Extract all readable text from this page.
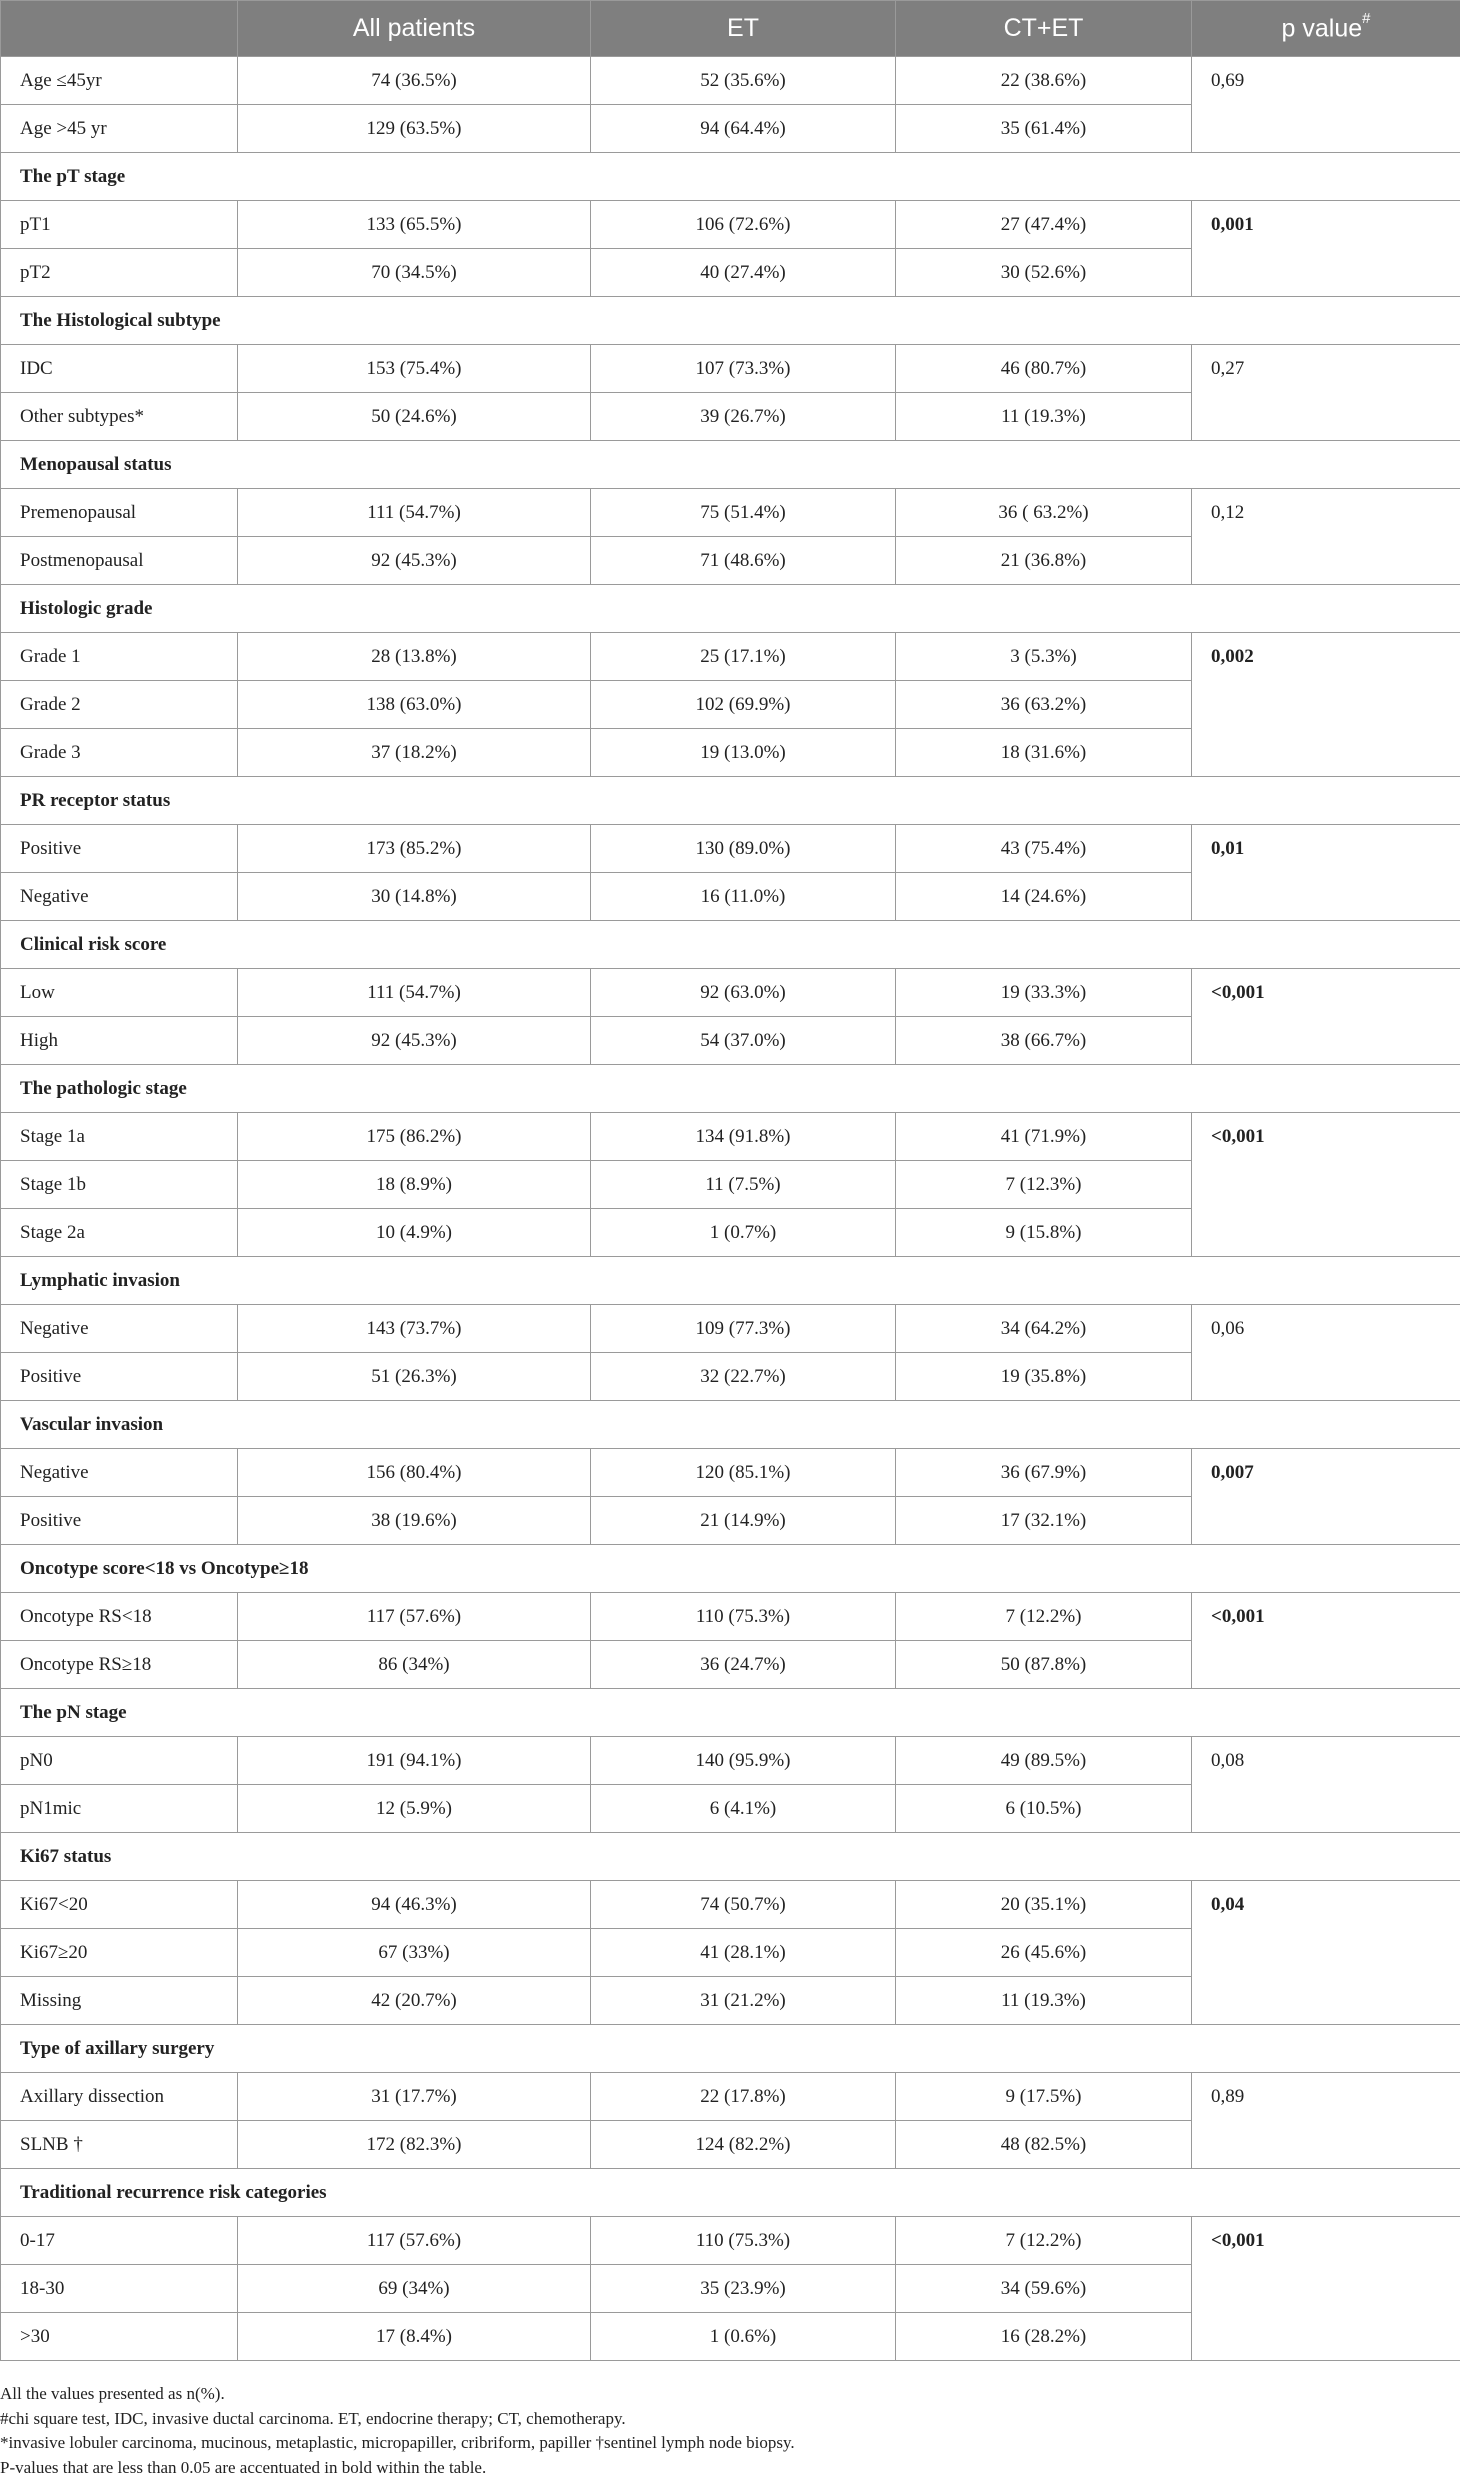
	All patients	ET	CT+ET	p value#
Age ≤45yr	74 (36.5%)	52 (35.6%)	22 (38.6%)	0,69
Age >45 yr	129 (63.5%)	94 (64.4%)	35 (61.4%)	
The pT stage				
pT1	133 (65.5%)	106 (72.6%)	27 (47.4%)	0,001
pT2	70 (34.5%)	40 (27.4%)	30 (52.6%)	
The Histological subtype				
IDC	153 (75.4%)	107 (73.3%)	46 (80.7%)	0,27
Other subtypes*	50 (24.6%)	39 (26.7%)	11 (19.3%)	
Menopausal status				
Premenopausal	111 (54.7%)	75 (51.4%)	36 ( 63.2%)	0,12
Postmenopausal	92 (45.3%)	71 (48.6%)	21 (36.8%)	
Histologic grade				
Grade 1	28 (13.8%)	25 (17.1%)	3 (5.3%)	0,002
Grade 2	138 (63.0%)	102 (69.9%)	36 (63.2%)	
Grade 3	37 (18.2%)	19 (13.0%)	18 (31.6%)	
PR receptor status				
Positive	173 (85.2%)	130 (89.0%)	43 (75.4%)	0,01
Negative	30 (14.8%)	16 (11.0%)	14 (24.6%)	
Clinical risk score				
Low	111 (54.7%)	92 (63.0%)	19 (33.3%)	<0,001
High	92 (45.3%)	54 (37.0%)	38 (66.7%)	
The pathologic stage				
Stage 1a	175 (86.2%)	134 (91.8%)	41 (71.9%)	<0,001
Stage 1b	18 (8.9%)	11 (7.5%)	7 (12.3%)	
Stage 2a	10 (4.9%)	1 (0.7%)	9 (15.8%)	
Lymphatic invasion				
Negative	143 (73.7%)	109 (77.3%)	34 (64.2%)	0,06
Positive	51 (26.3%)	32 (22.7%)	19 (35.8%)	
Vascular invasion				
Negative	156 (80.4%)	120 (85.1%)	36 (67.9%)	0,007
Positive	38 (19.6%)	21 (14.9%)	17 (32.1%)	
Oncotype score<18 vs Oncotype≥18				
Oncotype RS<18	117 (57.6%)	110 (75.3%)	7 (12.2%)	<0,001
Oncotype RS≥18	86 (34%)	36 (24.7%)	50 (87.8%)	
The pN stage				
pN0	191 (94.1%)	140 (95.9%)	49 (89.5%)	0,08
pN1mic	12 (5.9%)	6 (4.1%)	6 (10.5%)	
Ki67 status				
Ki67<20	94 (46.3%)	74 (50.7%)	20 (35.1%)	0,04
Ki67≥20	67 (33%)	41 (28.1%)	26 (45.6%)	
Missing	42 (20.7%)	31 (21.2%)	11 (19.3%)	
Type of axillary surgery				
Axillary dissection	31 (17.7%)	22 (17.8%)	9 (17.5%)	0,89
SLNB †	172 (82.3%)	124 (82.2%)	48 (82.5%)	
Traditional recurrence risk categories				
0-17	117 (57.6%)	110 (75.3%)	7 (12.2%)	<0,001
18-30	69 (34%)	35 (23.9%)	34 (59.6%)	
>30	17 (8.4%)	1 (0.6%)	16 (28.2%)	
All the values presented as n(%).
#chi square test, IDC, invasive ductal carcinoma. ET, endocrine therapy; CT, chemotherapy.
*invasive lobuler carcinoma, mucinous, metaplastic, micropapiller, cribriform, papiller †sentinel lymph node biopsy.
P-values that are less than 0.05 are accentuated in bold within the table.
